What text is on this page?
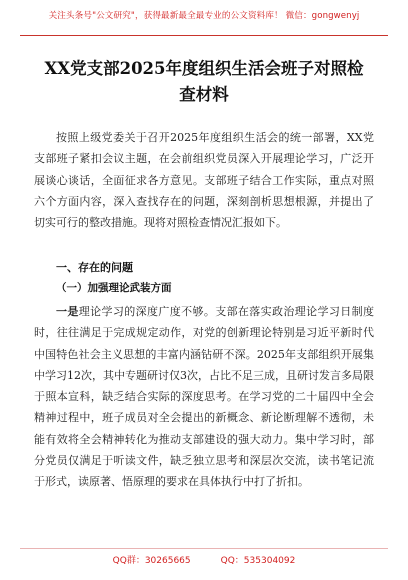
关注头条号"公文研究"，获得最新最全最专业的公文资料库！ 微信：gongwenyj
XX党支部2025年度组织生活会班子对照检查材料
按照上级党委关于召开2025年度组织生活会的统一部署，XX党支部班子紧扣会议主题，在会前组织党员深入开展理论学习，广泛开展谈心谈话，全面征求各方意见。支部班子结合工作实际，重点对照六个方面内容，深入查找存在的问题，深刻剖析思想根源，并提出了切实可行的整改措施。现将对照检查情况汇报如下。
一、存在的问题
（一）加强理论武装方面
一是理论学习的深度广度不够。支部在落实政治理论学习日制度时，往往满足于完成规定动作，对党的创新理论特别是习近平新时代中国特色社会主义思想的丰富内涵钻研不深。2025年支部组织开展集中学习12次，其中专题研讨仅3次，占比不足三成，且研讨发言多局限于照本宣科，缺乏结合实际的深度思考。在学习党的二十届四中全会精神过程中，班子成员对全会提出的新概念、新论断理解不透彻，未能有效将全会精神转化为推动支部建设的强大动力。集中学习时，部分党员仅满足于听读文件，缺乏独立思考和深层次交流，读书笔记流于形式，读原著、悟原理的要求在具体执行中打了折扣。
QQ群：30265665	QQ：535304092
